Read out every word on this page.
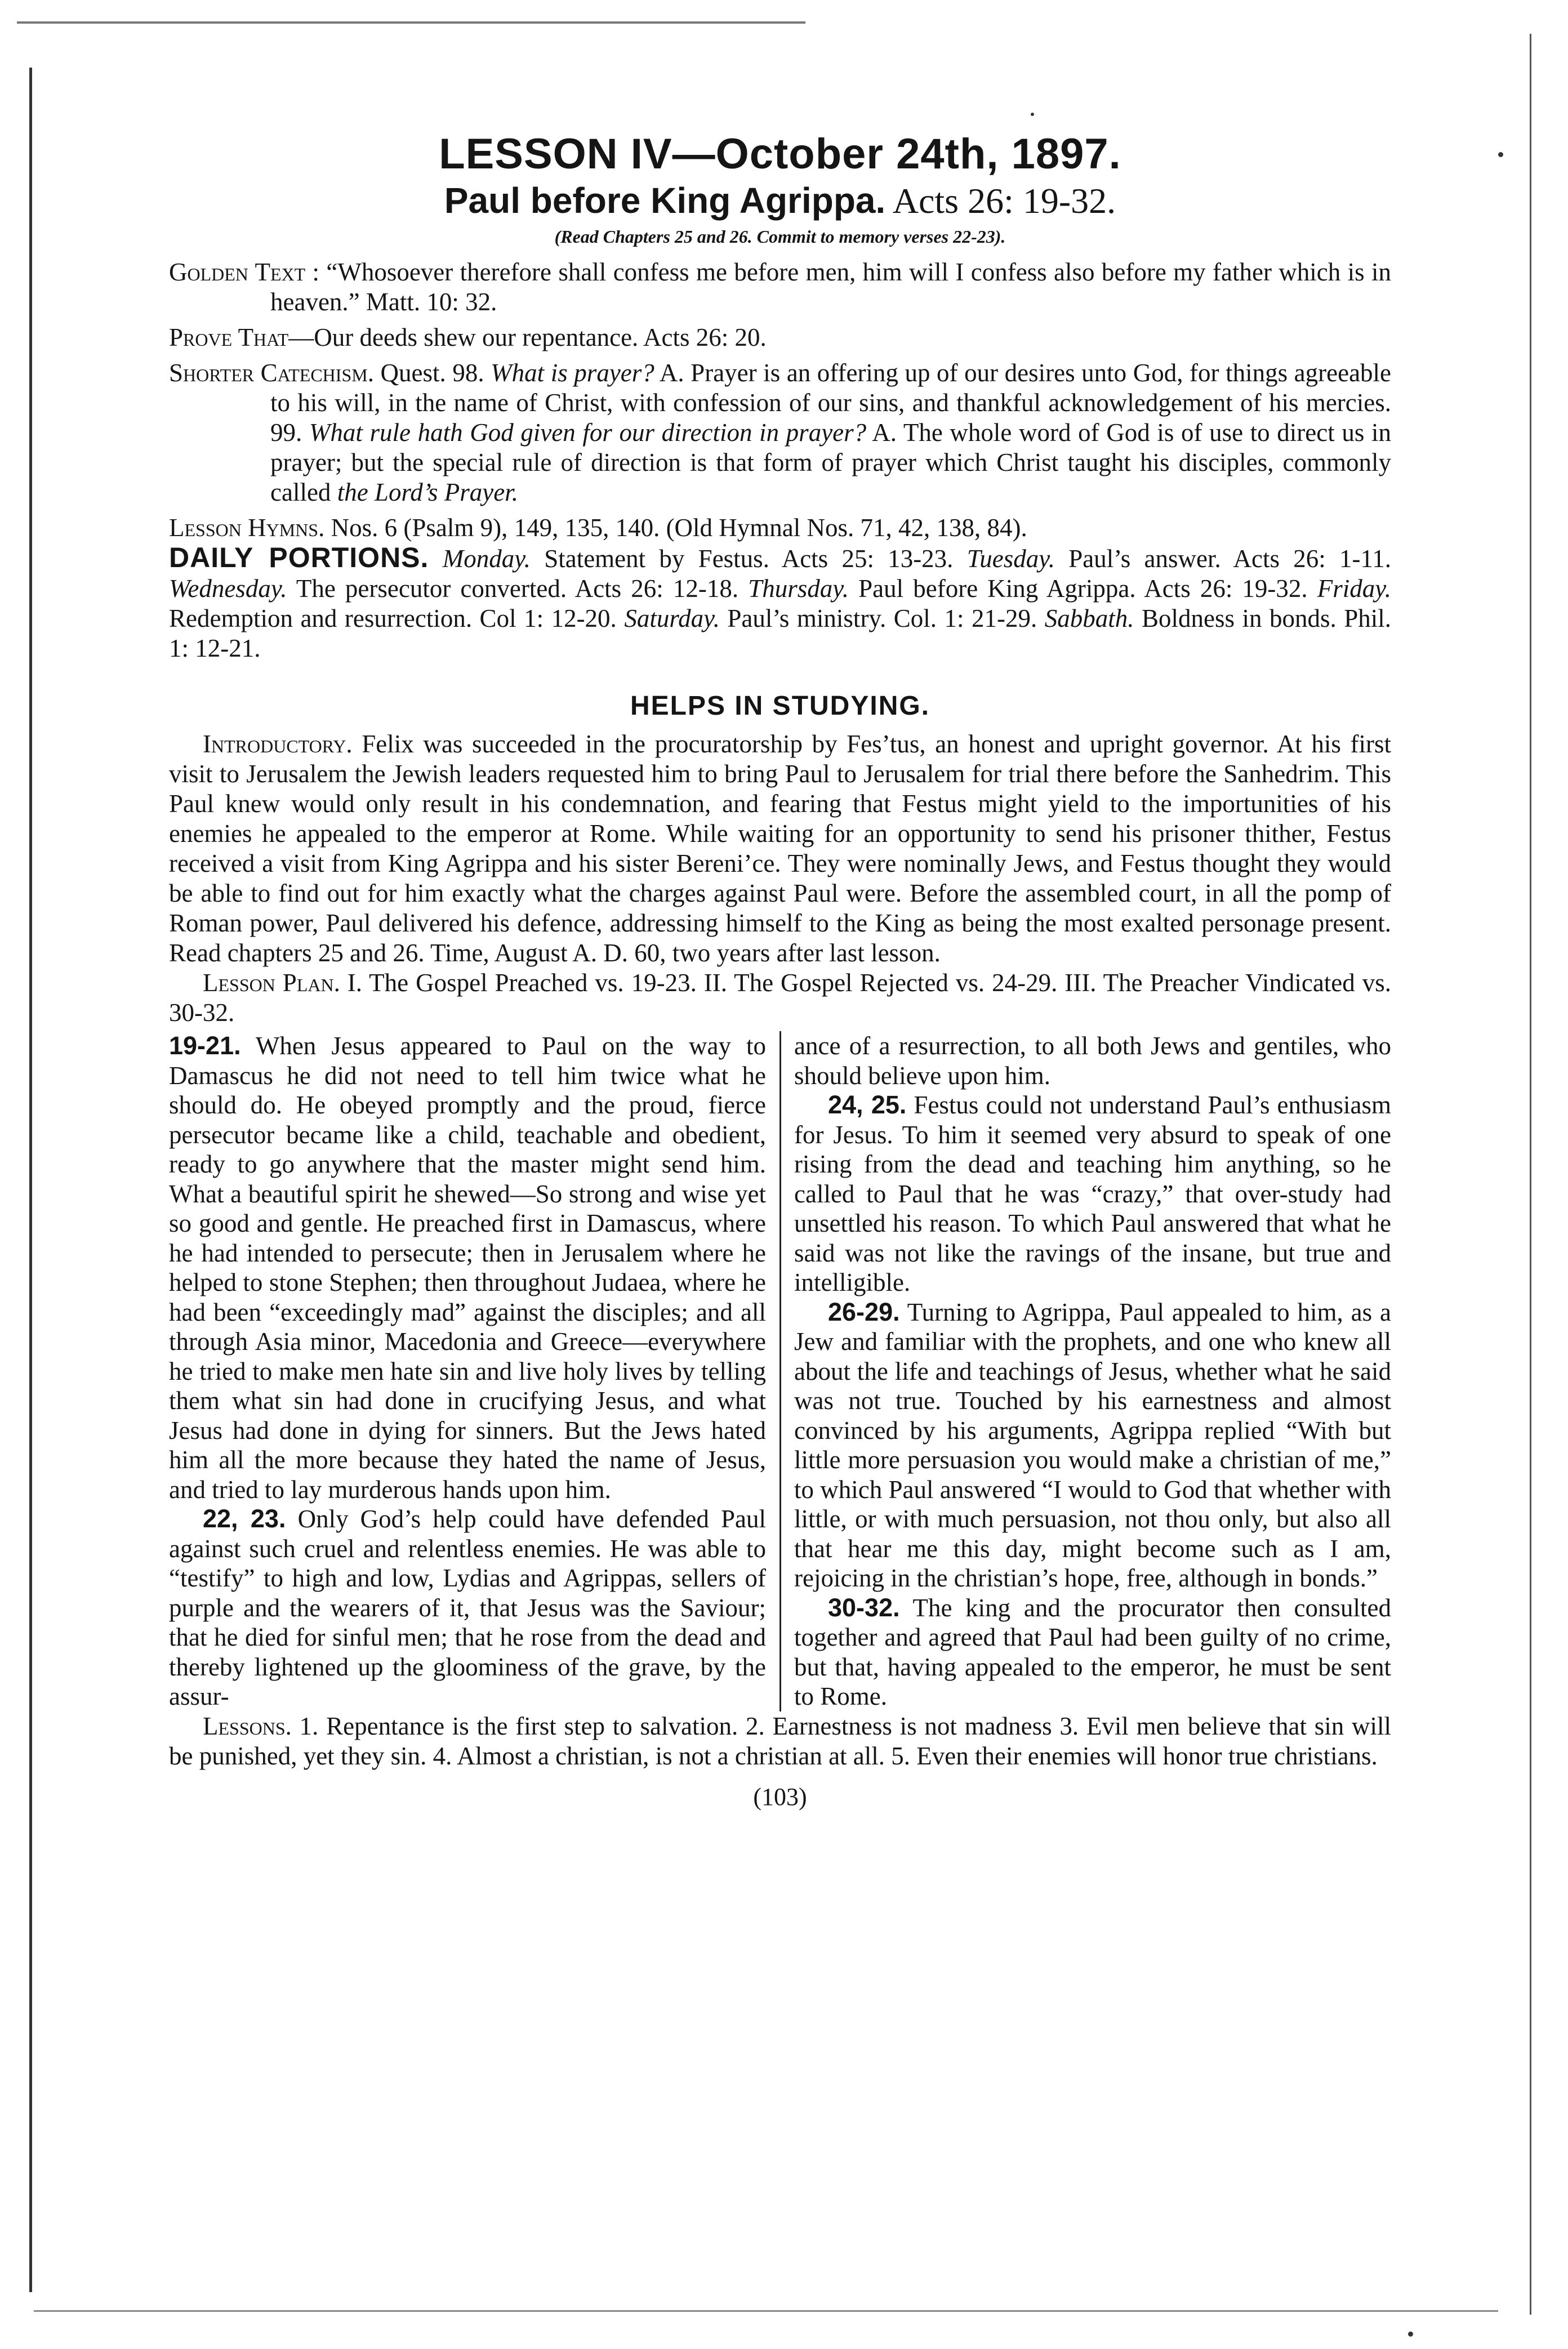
LESSON IV—October 24th, 1897.
Paul before King Agrippa. Acts 26: 19-32.
(Read Chapters 25 and 26. Commit to memory verses 22-23).
Golden Text : “Whosoever therefore shall confess me before men, him will I confess also before my father which is in heaven.” Matt. 10: 32.
Prove That—Our deeds shew our repentance. Acts 26: 20.
Shorter Catechism. Quest. 98. What is prayer? A. Prayer is an offering up of our desires unto God, for things agreeable to his will, in the name of Christ, with confession of our sins, and thankful acknowledgement of his mercies. 99. What rule hath God given for our direction in prayer? A. The whole word of God is of use to direct us in prayer; but the special rule of direction is that form of prayer which Christ taught his disciples, commonly called the Lord’s Prayer.
Lesson Hymns. Nos. 6 (Psalm 9), 149, 135, 140. (Old Hymnal Nos. 71, 42, 138, 84).
DAILY PORTIONS. Monday. Statement by Festus. Acts 25: 13-23. Tuesday. Paul’s answer. Acts 26: 1-11. Wednesday. The persecutor converted. Acts 26: 12-18. Thursday. Paul before King Agrippa. Acts 26: 19-32. Friday. Redemption and resurrection. Col 1: 12-20. Saturday. Paul’s ministry. Col. 1: 21-29. Sabbath. Boldness in bonds. Phil. 1: 12-21.
HELPS IN STUDYING.
Introductory. Felix was succeeded in the procuratorship by Fes’tus, an honest and upright governor. At his first visit to Jerusalem the Jewish leaders requested him to bring Paul to Jerusalem for trial there before the Sanhedrim. This Paul knew would only result in his condemnation, and fearing that Festus might yield to the importunities of his enemies he appealed to the emperor at Rome. While waiting for an opportunity to send his prisoner thither, Festus received a visit from King Agrippa and his sister Bereni’ce. They were nominally Jews, and Festus thought they would be able to find out for him exactly what the charges against Paul were. Before the assembled court, in all the pomp of Roman power, Paul delivered his defence, addressing himself to the King as being the most exalted personage present. Read chapters 25 and 26. Time, August A. D. 60, two years after last lesson.
Lesson Plan. I. The Gospel Preached vs. 19-23. II. The Gospel Rejected vs. 24-29. III. The Preacher Vindicated vs. 30-32.
19-21. When Jesus appeared to Paul on the way to Damascus he did not need to tell him twice what he should do. He obeyed promptly and the proud, fierce persecutor became like a child, teachable and obedient, ready to go anywhere that the master might send him. What a beautiful spirit he shewed—So strong and wise yet so good and gentle. He preached first in Damascus, where he had intended to persecute; then in Jerusalem where he helped to stone Stephen; then throughout Judaea, where he had been “exceedingly mad” against the disciples; and all through Asia minor, Macedonia and Greece—everywhere he tried to make men hate sin and live holy lives by telling them what sin had done in crucifying Jesus, and what Jesus had done in dying for sinners. But the Jews hated him all the more because they hated the name of Jesus, and tried to lay murderous hands upon him.
22, 23. Only God’s help could have defended Paul against such cruel and relentless enemies. He was able to “testify” to high and low, Lydias and Agrippas, sellers of purple and the wearers of it, that Jesus was the Saviour; that he died for sinful men; that he rose from the dead and thereby lightened up the gloominess of the grave, by the assur-
ance of a resurrection, to all both Jews and gentiles, who should believe upon him.
24, 25. Festus could not understand Paul’s enthusiasm for Jesus. To him it seemed very absurd to speak of one rising from the dead and teaching him anything, so he called to Paul that he was “crazy,” that over-study had unsettled his reason. To which Paul answered that what he said was not like the ravings of the insane, but true and intelligible.
26-29. Turning to Agrippa, Paul appealed to him, as a Jew and familiar with the prophets, and one who knew all about the life and teachings of Jesus, whether what he said was not true. Touched by his earnestness and almost convinced by his arguments, Agrippa replied “With but little more persuasion you would make a christian of me,” to which Paul answered “I would to God that whether with little, or with much persuasion, not thou only, but also all that hear me this day, might become such as I am, rejoicing in the christian’s hope, free, although in bonds.”
30-32. The king and the procurator then consulted together and agreed that Paul had been guilty of no crime, but that, having appealed to the emperor, he must be sent to Rome.
Lessons. 1. Repentance is the first step to salvation. 2. Earnestness is not madness 3. Evil men believe that sin will be punished, yet they sin. 4. Almost a christian, is not a christian at all. 5. Even their enemies will honor true christians.
(103)
